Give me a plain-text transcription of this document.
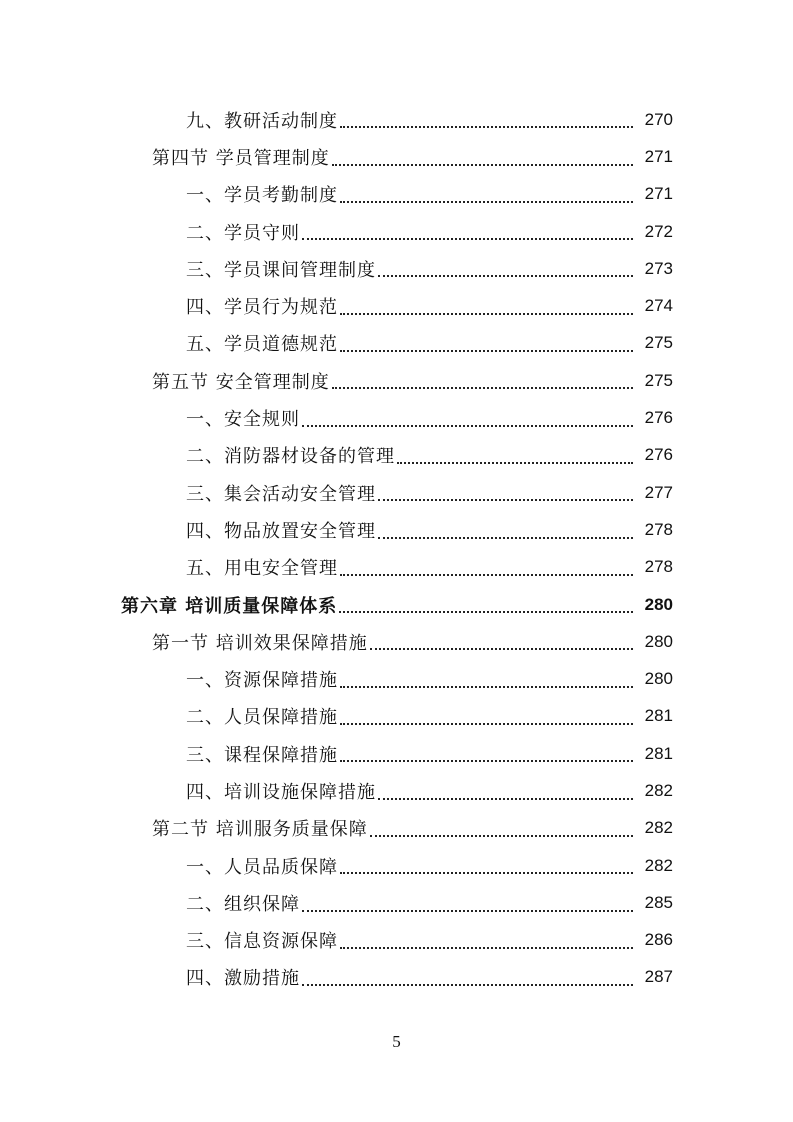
九、教研活动制度	270
第四节 学员管理制度	271
一、学员考勤制度	271
二、学员守则	272
三、学员课间管理制度	273
四、学员行为规范	274
五、学员道德规范	275
第五节 安全管理制度	275
一、安全规则	276
二、消防器材设备的管理	276
三、集会活动安全管理	277
四、物品放置安全管理	278
五、用电安全管理	278
第六章 培训质量保障体系	280
第一节 培训效果保障措施	280
一、资源保障措施	280
二、人员保障措施	281
三、课程保障措施	281
四、培训设施保障措施	282
第二节 培训服务质量保障	282
一、人员品质保障	282
二、组织保障	285
三、信息资源保障	286
四、激励措施	287
5
